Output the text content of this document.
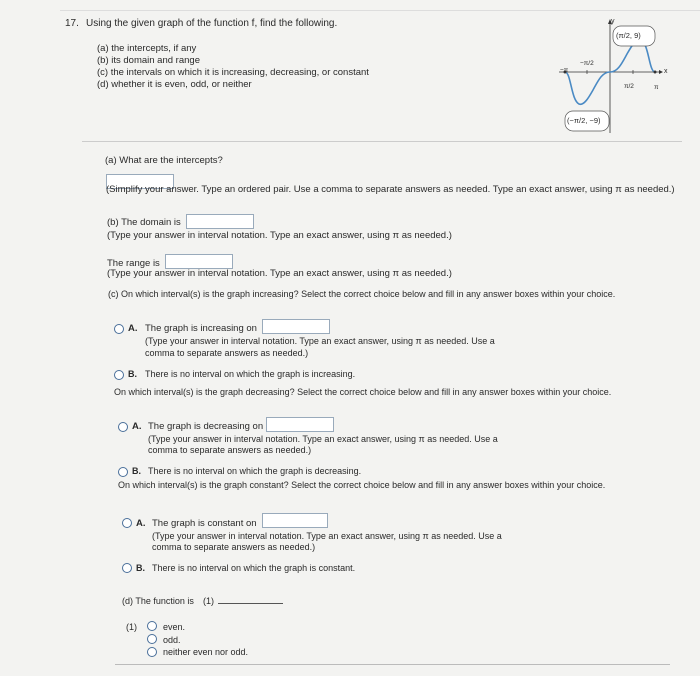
17. Using the given graph of the function f, find the following.
(a) the intercepts, if any
(b) its domain and range
(c) the intervals on which it is increasing, decreasing, or constant
(d) whether it is even, odd, or neither
y
x
(π/2, 9)
(−π/2, −9)
−π
−π/2
π/2	π
(a) What are the intercepts?
(Simplify your answer. Type an ordered pair. Use a comma to separate answers as needed. Type an exact answer, using π as needed.)
(b) The domain is
(Type your answer in interval notation. Type an exact answer, using π as needed.)
The range is
(Type your answer in interval notation. Type an exact answer, using π as needed.)
(c) On which interval(s) is the graph increasing? Select the correct choice below and fill in any answer boxes within your choice.
A. The graph is increasing on
(Type your answer in interval notation. Type an exact answer, using π as needed. Use a
comma to separate answers as needed.)
B. There is no interval on which the graph is increasing.
On which interval(s) is the graph decreasing? Select the correct choice below and fill in any answer boxes within your choice.
A. The graph is decreasing on
(Type your answer in interval notation. Type an exact answer, using π as needed. Use a
comma to separate answers as needed.)
B. There is no interval on which the graph is decreasing.
On which interval(s) is the graph constant? Select the correct choice below and fill in any answer boxes within your choice.
A. The graph is constant on
(Type your answer in interval notation. Type an exact answer, using π as needed. Use a
comma to separate answers as needed.)
B. There is no interval on which the graph is constant.
(d) The function is (1)
(1)	even.
odd.
neither even nor odd.
